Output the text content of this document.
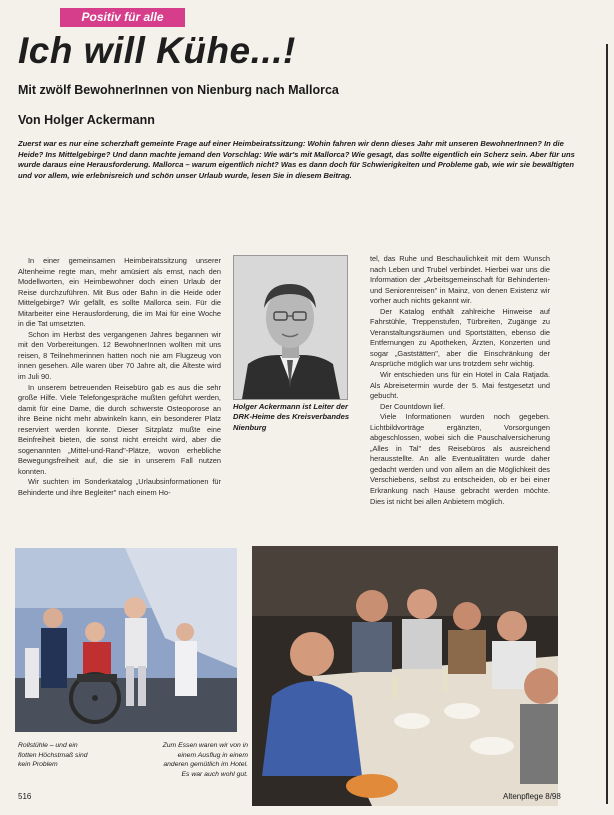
Positiv für alle
Ich will Kühe...!
Mit zwölf BewohnerInnen von Nienburg nach Mallorca
Von Holger Ackermann
Zuerst war es nur eine scherzhaft gemeinte Frage auf einer Heimbeiratssitzung: Wohin fahren wir denn dieses Jahr mit unseren BewohnerInnen? In die Heide? Ins Mittelgebirge? Und dann machte jemand den Vorschlag: Wie wär's mit Mallorca? Wie gesagt, das sollte eigentlich ein Scherz sein. Aber für uns wurde daraus eine Herausforderung. Mallorca – warum eigentlich nicht? Was es dann doch für Schwierigkeiten und Probleme gab, wie wir sie bewältigten und vor allem, wie erlebnisreich und schön unser Urlaub wurde, lesen Sie in diesem Beitrag.

In einer gemeinsamen Heimbeiratssitzung unserer Altenheime regte man, mehr amüsiert als ernst, nach den Modellworten, ein Heimbewohner doch einen Urlaub der Reise durchzuführen. Mit Bus oder Bahn in die Heide oder Mittelgebirge? Wir gefällt, es sollte Mallorca sein. Für die Mitarbeiter eine Herausforderung, die im Mai für eine Woche in die Tat umsetzten.

Schon im Herbst des vergangenen Jahres begannen wir mit den Vorbereitungen. 12 BewohnerInnen wollten mit uns reisen, 8 Teilnehmerinnen hatten noch nie am Flugzeug von innen gesehen. Alle waren über 70 Jahre alt, die Älteste wird im Juli 90.

In unserem betreuenden Reisebüro gab es aus die sehr große Hilfe. Viele Telefongespräche mußten geführt werden, damit für eine Dame, die durch schwerste Osteoporose an ihre Beine nicht mehr abwinkeln kann, ein besonderer Platz reserviert werden konnte. Dieser Sitzplatz mußte eine Beinfreiheit bieten, die sonst nicht erreicht wird, aber die sogenannten „Mittel-und-Rand"-Plätze, wovon erhebliche Bewegungsfreiheit auf, die sie in unserem Fall nutzen konnten.

Wir suchten im Sonderkatalog „Urlaubsinformationen für Behinderte und ihre Begleiter" nach einem Ho-

Holger Ackermann ist Leiter der DRK-Heime des Kreisverbandes Nienburg

tel, das Ruhe und Beschaulichkeit mit dem Wunsch nach Leben und Trubel verbindet. Hierbei war uns die Information der „Arbeitsgemeinschaft für Behinderten- und Seniorenreisen" in Mainz, von denen Existenz wir vorher auch nichts gekannt wir.

Der Katalog enthält zahlreiche Hinweise auf Fahrstühle, Treppenstufen, Türbreiten, Zugänge zu Veranstaltungsräumen und Sportstätten, ebenso die Entfernungen zu Apotheken, Ärzten, Konzerten und sogar „Gaststätten", aber die Einschränkung der Ansprüche möglich war uns trotzdem sehr wichtig.

Wir entschieden uns für ein Hotel in Cala Ratjada. Als Abreisetermin wurde der 5. Mai festgesetzt und gebucht.

Der Countdown lief.

Viele Informationen wurden noch gegeben. Lichtbildvorträge ergänzten, Vorsorgungen abgeschlossen, wobei sich die Pauschalversicherung „Alles in Tal" des Reisebüros als ausreichend herausstellte. An alle Eventualitäten wurde daher gedacht werden und von allem an die Möglichkeit des Verschiebens, selbst zu entscheiden, ob er bei einer Erkrankung nach Hause gebracht werden möchte. Dies ist nicht bei allen Anbietern möglich.

Rollstühle – und ein flotten Höchstmaß sind kein Problem
Zum Essen waren wir von in einem Ausflug in einem anderen gemütlich im Hotel. Es war auch wohl gut.
516	Altenpflege 8/98
